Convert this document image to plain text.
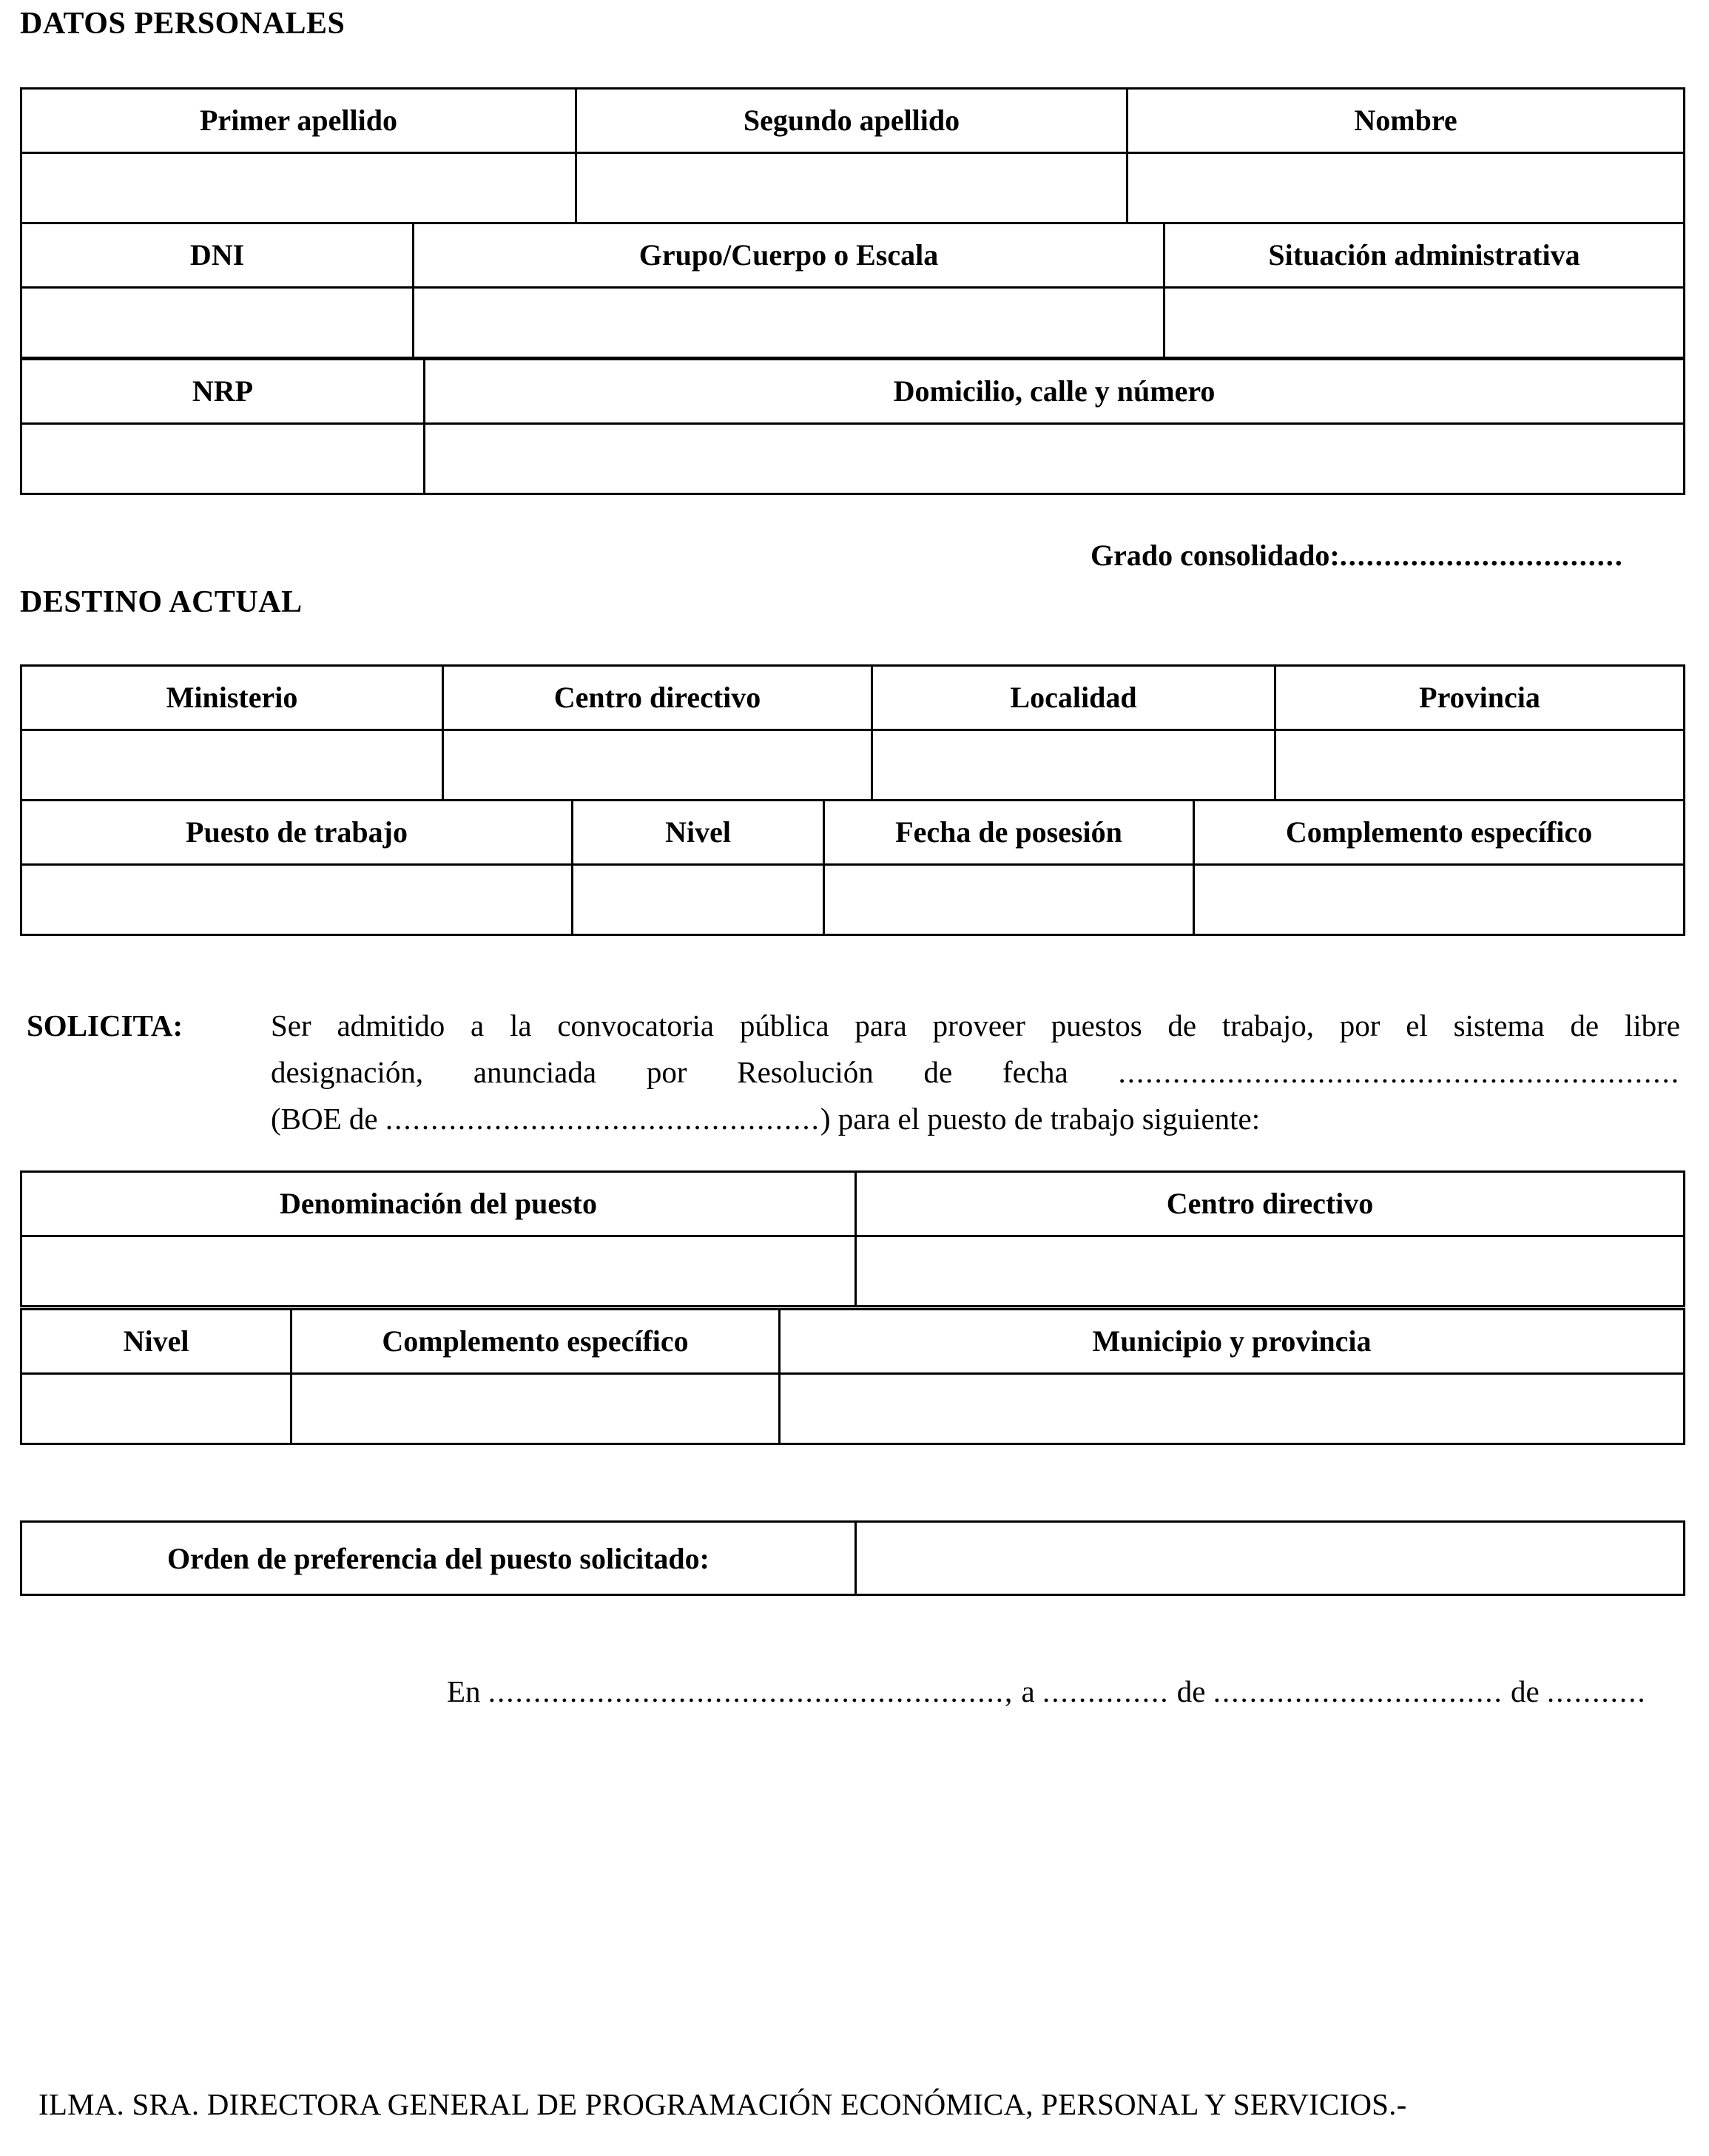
DATOS PERSONALES
Primer apellido	Segundo apellido	Nombre

DNI	Grupo/Cuerpo o Escala	Situación administrativa

NRP	Domicilio, calle y número

Grado consolidado:................................
DESTINO ACTUAL
Ministerio	Centro directivo	Localidad	Provincia

Puesto de trabajo	Nivel	Fecha de posesión	Complemento específico

SOLICITA:	Ser admitido a la convocatoria pública para proveer puestos de trabajo, por el sistema de libre
designación, anunciada por Resolución de fecha ..............................................................
(BOE de ................................................) para el puesto de trabajo siguiente:
Denominación del puesto	Centro directivo

Nivel	Complemento específico	Municipio y provincia

Orden de preferencia del puesto solicitado:	
En ........................................................., a .............. de ................................ de ...........
ILMA. SRA. DIRECTORA GENERAL DE PROGRAMACIÓN ECONÓMICA, PERSONAL Y SERVICIOS.-
